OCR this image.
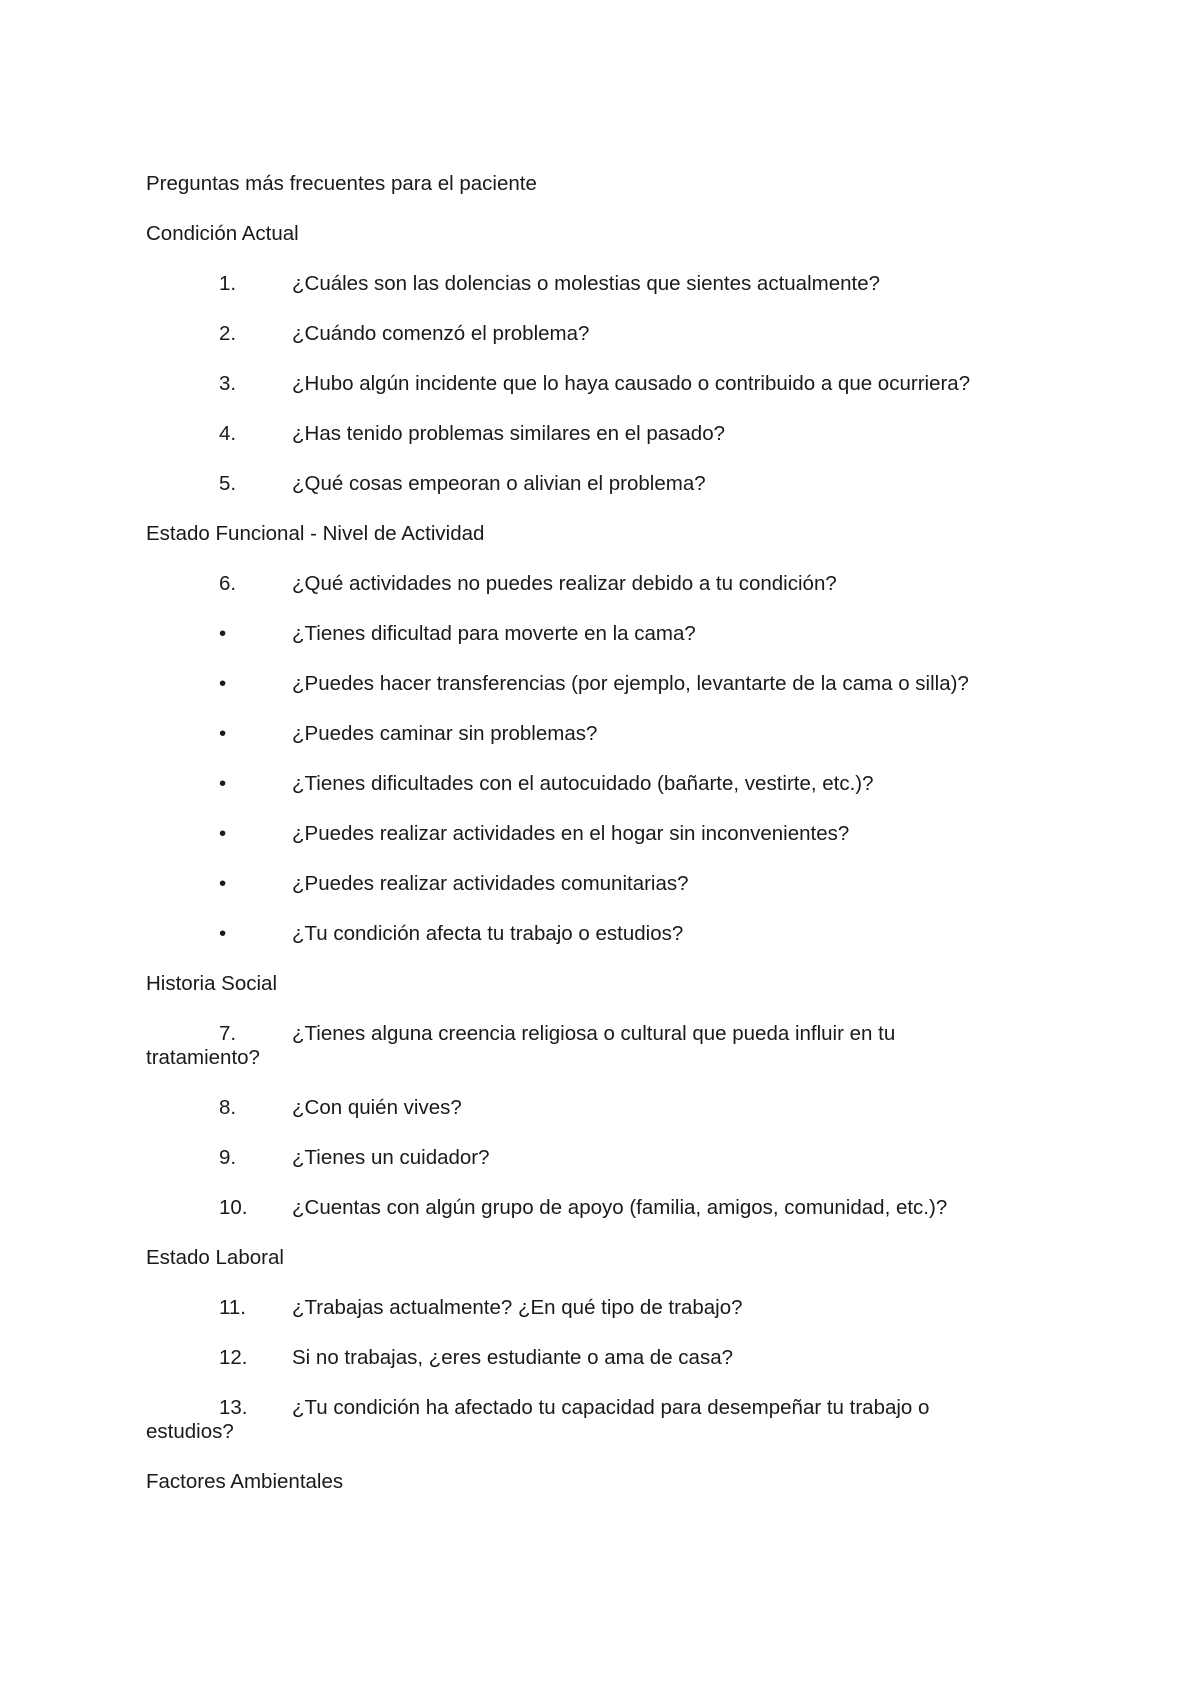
Preguntas más frecuentes para el paciente
Condición Actual
1.	¿Cuáles son las dolencias o molestias que sientes actualmente?
2.	¿Cuándo comenzó el problema?
3.	¿Hubo algún incidente que lo haya causado o contribuido a que ocurriera?
4.	¿Has tenido problemas similares en el pasado?
5.	¿Qué cosas empeoran o alivian el problema?
Estado Funcional - Nivel de Actividad
6.	¿Qué actividades no puedes realizar debido a tu condición?
•	¿Tienes dificultad para moverte en la cama?
•	¿Puedes hacer transferencias (por ejemplo, levantarte de la cama o silla)?
•	¿Puedes caminar sin problemas?
•	¿Tienes dificultades con el autocuidado (bañarte, vestirte, etc.)?
•	¿Puedes realizar actividades en el hogar sin inconvenientes?
•	¿Puedes realizar actividades comunitarias?
•	¿Tu condición afecta tu trabajo o estudios?
Historia Social
7.	¿Tienes alguna creencia religiosa o cultural que pueda influir en tu
tratamiento?
8.	¿Con quién vives?
9.	¿Tienes un cuidador?
10.	¿Cuentas con algún grupo de apoyo (familia, amigos, comunidad, etc.)?
Estado Laboral
11.	¿Trabajas actualmente? ¿En qué tipo de trabajo?
12.	Si no trabajas, ¿eres estudiante o ama de casa?
13.	¿Tu condición ha afectado tu capacidad para desempeñar tu trabajo o
estudios?
Factores Ambientales
